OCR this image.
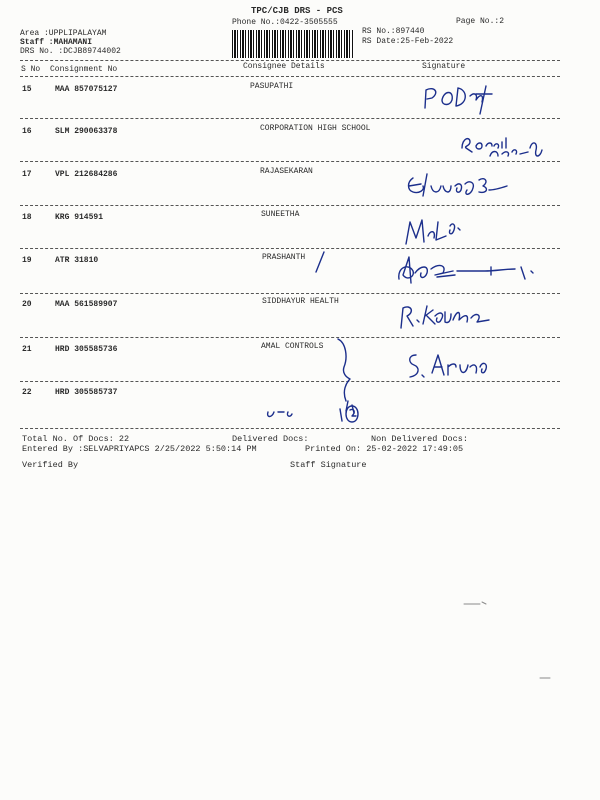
TPC/CJB DRS - PCS
Phone No.:0422-3505555	Page No.:2
Area :UPPLIPALAYAM
Staff :MAHAMANI
DRS No. :DCJB89744002
RS No.:897440
RS Date:25-Feb-2022
S No Consignment No	Consignee Details	Signature
15	MAA 857075127	PASUPATHI
16	SLM 290063378	CORPORATION HIGH SCHOOL
17	VPL 212684286	RAJASEKARAN
18	KRG 914591	SUNEETHA
19	ATR 31810	PRASHANTH
20	MAA 561589907	SIDDHAYUR HEALTH
21	HRD 305585736	AMAL CONTROLS
22	HRD 305585737
Total No. Of Docs: 22	Delivered Docs:	Non Delivered Docs:
Entered By :SELVAPRIYAPCS 2/25/2022 5:50:14 PM	Printed On: 25-02-2022 17:49:05
Verified By	Staff Signature
